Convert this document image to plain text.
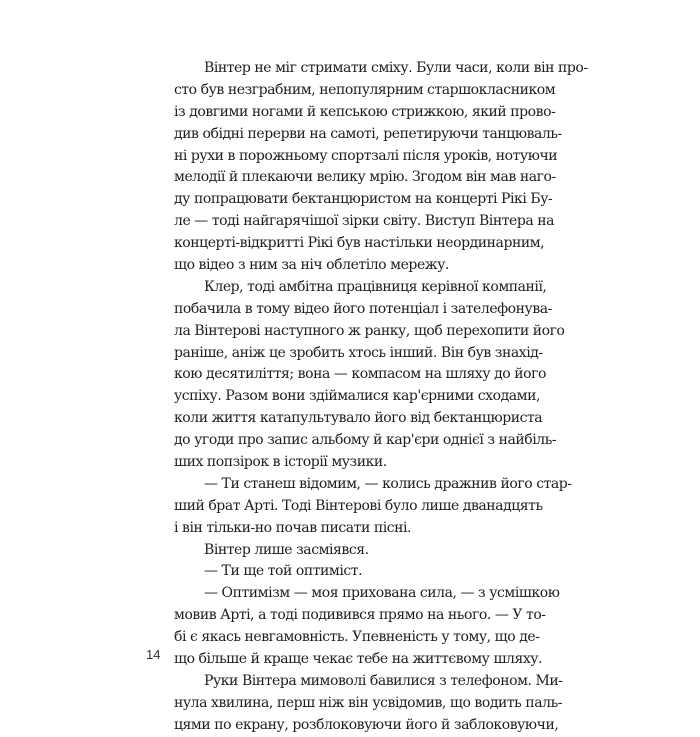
Вінтер не міг стримати сміху. Були часи, коли він про-
сто був незграбним, непопулярним старшокласником
із довгими ногами й кепською стрижкою, який прово-
див обідні перерви на самоті, репетируючи танцюваль-
ні рухи в порожньому спортзалі після уроків, нотуючи
мелодії й плекаючи велику мрію. Згодом він мав наго-
ду попрацювати бектанцюристом на концерті Рікі Бу-
ле — тоді найгарячішої зірки світу. Виступ Вінтера на
концерті-відкритті Рікі був настільки неординарним,
що відео з ним за ніч облетіло мережу.
Клер, тоді амбітна працівниця керівної компанії,
побачила в тому відео його потенціал і зателефонува-
ла Вінтерові наступного ж ранку, щоб перехопити його
раніше, аніж це зробить хтось інший. Він був знахід-
кою десятиліття; вона — компасом на шляху до його
успіху. Разом вони здіймалися кар'єрними сходами,
коли життя катапультувало його від бектанцюриста
до угоди про запис альбому й кар'єри однієї з найбіль-
ших попзірок в історії музики.
— Ти станеш відомим, — колись дражнив його стар-
ший брат Арті. Тоді Вінтерові було лише дванадцять
і він тільки-но почав писати пісні.
Вінтер лише засміявся.
— Ти ще той оптиміст.
— Оптимізм — моя прихована сила, — з усмішкою
мовив Арті, а тоді подивився прямо на нього. — У то-
бі є якась невгамовність. Упевненість у тому, що де-
що більше й краще чекає тебе на життєвому шляху.
Руки Вінтера мимоволі бавилися з телефоном. Ми-
нула хвилина, перш ніж він усвідомив, що водить паль-
цями по екрану, розблоковуючи його й заблоковуючи,
14
